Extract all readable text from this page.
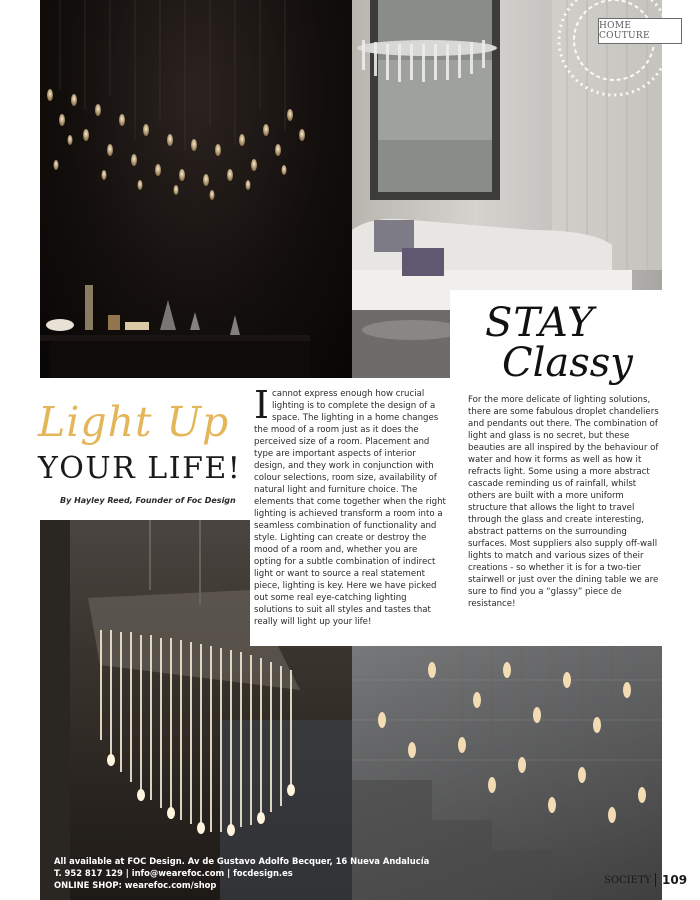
HOME COUTURE
Light Up
YOUR LIFE!
By Hayley Reed, Founder of Foc Design
Icannot express enough how crucial lighting is to complete the design of a space. The lighting in a home changes the mood of a room just as it does the perceived size of a room. Placement and type are important aspects of interior design, and they work in conjunction with colour selections, room size, availability of natural light and furniture choice. The elements that come together when the right lighting is achieved transform a room into a seamless combination of functionality and style. Lighting can create or destroy the mood of a room and, whether you are opting for a subtle combination of indirect light or want to source a real statement piece, lighting is key. Here we have picked out some real eye-catching lighting solutions to suit all styles and tastes that really will light up your life!
STAY
Classy
For the more delicate of lighting solutions, there are some fabulous droplet chandeliers and pendants out there. The combination of light and glass is no secret, but these beauties are all inspired by the behaviour of water and how it forms as well as how it refracts light. Some using a more abstract cascade reminding us of rainfall, whilst others are built with a more uniform structure that allows the light to travel through the glass and create interesting, abstract patterns on the surrounding surfaces. Most suppliers also supply off-wall lights to match and various sizes of their creations - so whether it is for a two-tier stairwell or just over the dining table we are sure to find you a “glassy” piece de resistance!
All available at FOC Design. Av de Gustavo Adolfo Becquer, 16 Nueva Andalucía
T. 952 817 129 | info@wearefoc.com | focdesign.es
ONLINE SHOP: wearefoc.com/shop	SOCIETY 109
